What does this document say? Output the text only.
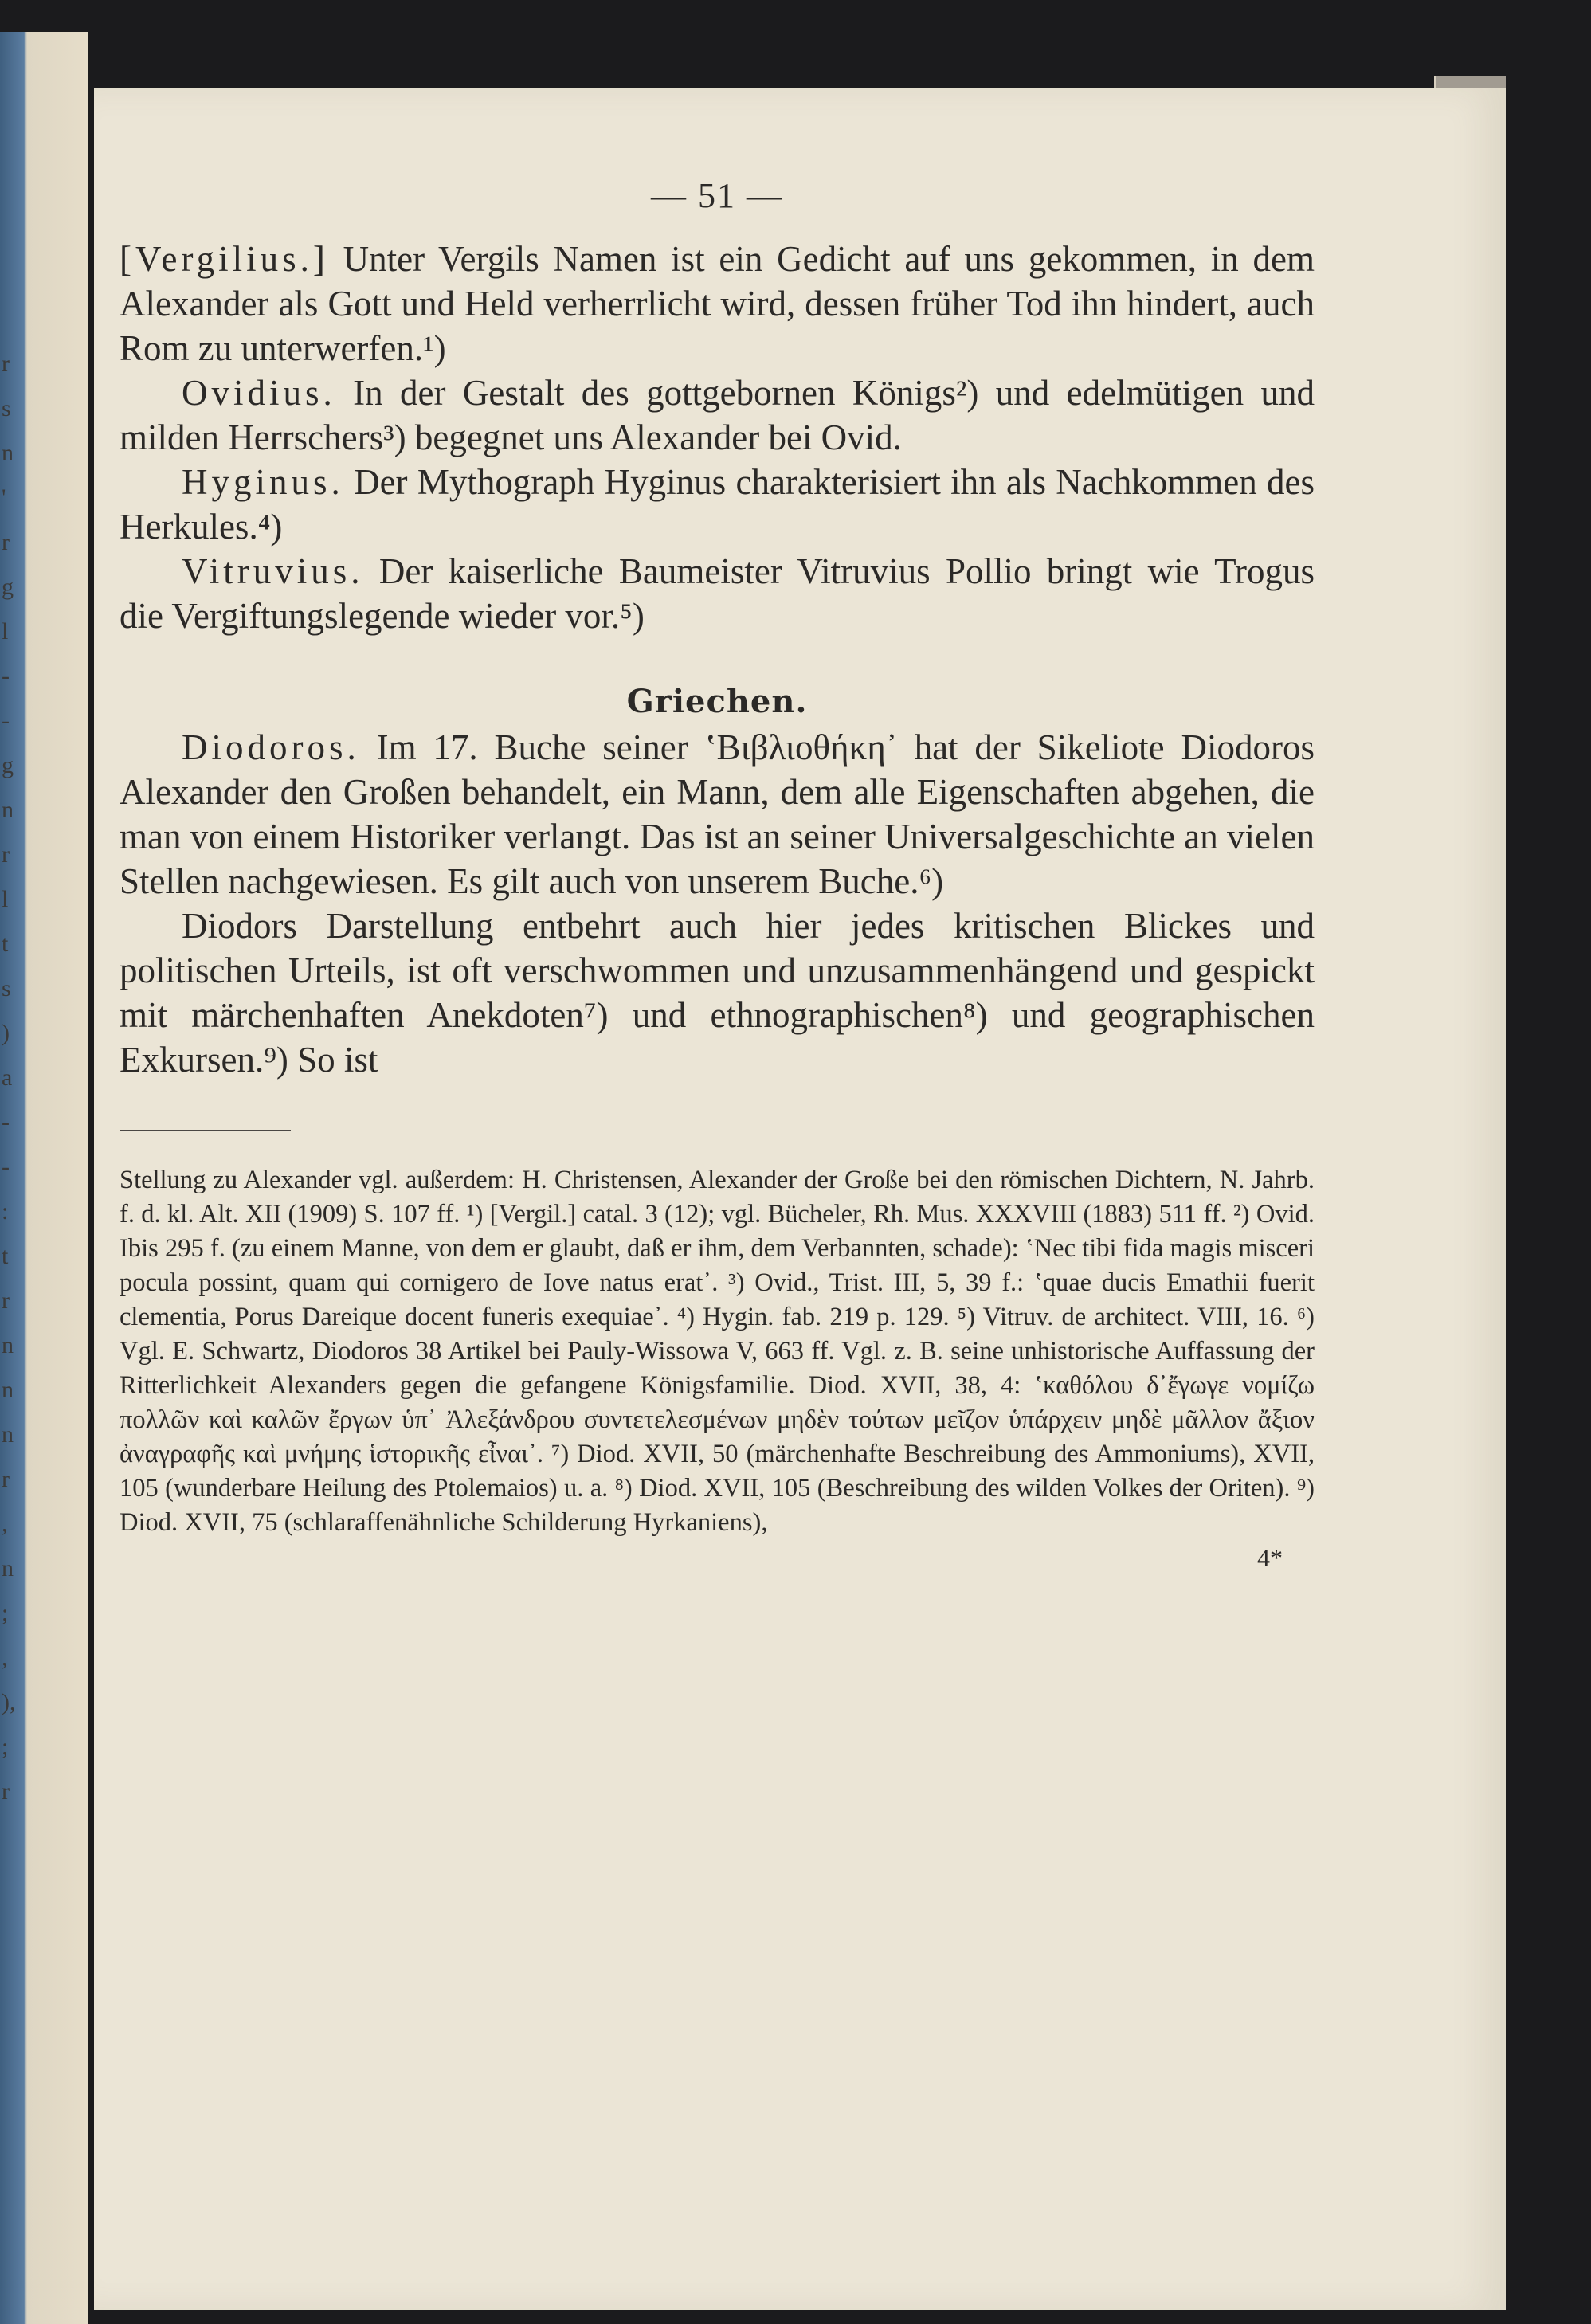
r
s
n
'
r
g
l
-
-
g
n
r
l
t
s
)
a
-
-
:
t
r
n
n
n
r
,
n
;
,
),
;
r
— 51 —

[Vergilius.] Unter Vergils Namen ist ein Gedicht auf uns gekommen, in dem Alexander als Gott und Held verherrlicht wird, dessen früher Tod ihn hindert, auch Rom zu unterwerfen.¹)

Ovidius. In der Gestalt des gottgebornen Königs²) und edelmütigen und milden Herrschers³) begegnet uns Alexander bei Ovid.

Hyginus. Der Mythograph Hyginus charakterisiert ihn als Nachkommen des Herkules.⁴)

Vitruvius. Der kaiserliche Baumeister Vitruvius Pollio bringt wie Trogus die Vergiftungslegende wieder vor.⁵)

Griechen.

Diodoros. Im 17. Buche seiner ʽΒιβλιοθήκη᾽ hat der Sikeliote Diodoros Alexander den Großen behandelt, ein Mann, dem alle Eigenschaften abgehen, die man von einem Historiker verlangt. Das ist an seiner Universalgeschichte an vielen Stellen nachgewiesen. Es gilt auch von unserem Buche.⁶)

Diodors Darstellung entbehrt auch hier jedes kritischen Blickes und politischen Urteils, ist oft verschwommen und unzusammenhängend und gespickt mit märchenhaften Anekdoten⁷) und ethnographischen⁸) und geographischen Exkursen.⁹) So ist

Stellung zu Alexander vgl. außerdem: H. Christensen, Alexander der Große bei den römischen Dichtern, N. Jahrb. f. d. kl. Alt. XII (1909) S. 107 ff. ¹) [Vergil.] catal. 3 (12); vgl. Bücheler, Rh. Mus. XXXVIII (1883) 511 ff. ²) Ovid. Ibis 295 f. (zu einem Manne, von dem er glaubt, daß er ihm, dem Verbannten, schade): ʽNec tibi fida magis misceri pocula possint, quam qui cornigero de Iove natus erat᾽. ³) Ovid., Trist. III, 5, 39 f.: ʽquae ducis Emathii fuerit clementia, Porus Dareique docent funeris exequiae᾽. ⁴) Hygin. fab. 219 p. 129. ⁵) Vitruv. de architect. VIII, 16. ⁶) Vgl. E. Schwartz, Diodoros 38 Artikel bei Pauly-Wissowa V, 663 ff. Vgl. z. B. seine unhistorische Auffassung der Ritterlichkeit Alexanders gegen die gefangene Königsfamilie. Diod. XVII, 38, 4: ʽκαθόλου δ᾽ἔγωγε νομίζω πολλῶν καὶ καλῶν ἔργων ὑπ᾽ Ἀλεξάνδρου συντετελεσμένων μηδὲν τούτων μεῖζον ὑπάρχειν μηδὲ μᾶλλον ἄξιον ἀναγραφῆς καὶ μνήμης ἱστορικῆς εἶναι᾽. ⁷) Diod. XVII, 50 (märchenhafte Beschreibung des Ammoniums), XVII, 105 (wunderbare Heilung des Ptolemaios) u. a. ⁸) Diod. XVII, 105 (Beschreibung des wilden Volkes der Oriten). ⁹) Diod. XVII, 75 (schlaraffenähnliche Schilderung Hyrkaniens),

4*
